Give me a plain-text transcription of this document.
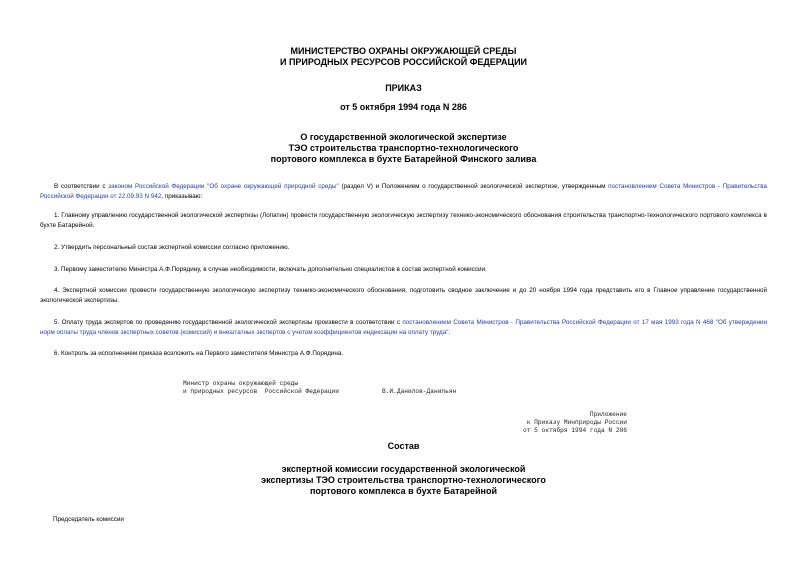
МИНИСТЕРСТВО ОХРАНЫ ОКРУЖАЮЩЕЙ СРЕДЫ
И ПРИРОДНЫХ РЕСУРСОВ РОССИЙСКОЙ ФЕДЕРАЦИИ
ПРИКАЗ
от 5 октября 1994 года N 286
О государственной экологической экспертизе
ТЭО строительства транспортно-технологического
портового комплекса в бухте Батарейной Финского залива
В соответствии с законом Российской Федерации "Об охране окружающей природной среды" (раздел V) и Положением о государственной экологической экспертизе, утвержденным постановлением Совета Министров - Правительства Российской Федерации от 22.09.93 N 942, приказываю:
1. Главному управлению государственной экологической экспертизы (Лопатин) провести государственную экологическую экспертизу технико-экономического обоснования строительства транспортно-технологического портового комплекса в бухте Батарейной.
2. Утвердить персональный состав экспертной комиссии согласно приложению.
3. Первому заместителю Министра А.Ф.Порядину, в случае необходимости, включать дополнительно специалистов в состав экспертной комиссии.
4. Экспертной комиссии провести государственную экологическую экспертизу технико-экономического обоснования, подготовить сводное заключение и до 20 ноября 1994 года представить его в Главное управление государственной экологической экспертизы.
5. Оплату труда экспертов по проведению государственной экологической экспертизы произвести в соответствии с постановлением Совета Министров - Правительства Российской Федерации от 17 мая 1993 года N 468 "Об утверждении норм оплаты труда членов экспертных советов (комиссий) и внештатных экспертов с учетом коэффициентов индексации на оплату труда".
6. Контроль за исполнением приказа возложить на Первого заместителя Министра А.Ф.Порядина.
Министр охраны окружающей среды
и природных ресурсов  Российской Федерации	В.И.Данилов-Данильян
Приложение
к Приказу Минприроды России
от 5 октября 1994 года N 286
Состав
экспертной комиссии государственной экологической
экспертизы ТЭО строительства транспортно-технологического
портового комплекса в бухте Батарейной
Председатель комиссии
